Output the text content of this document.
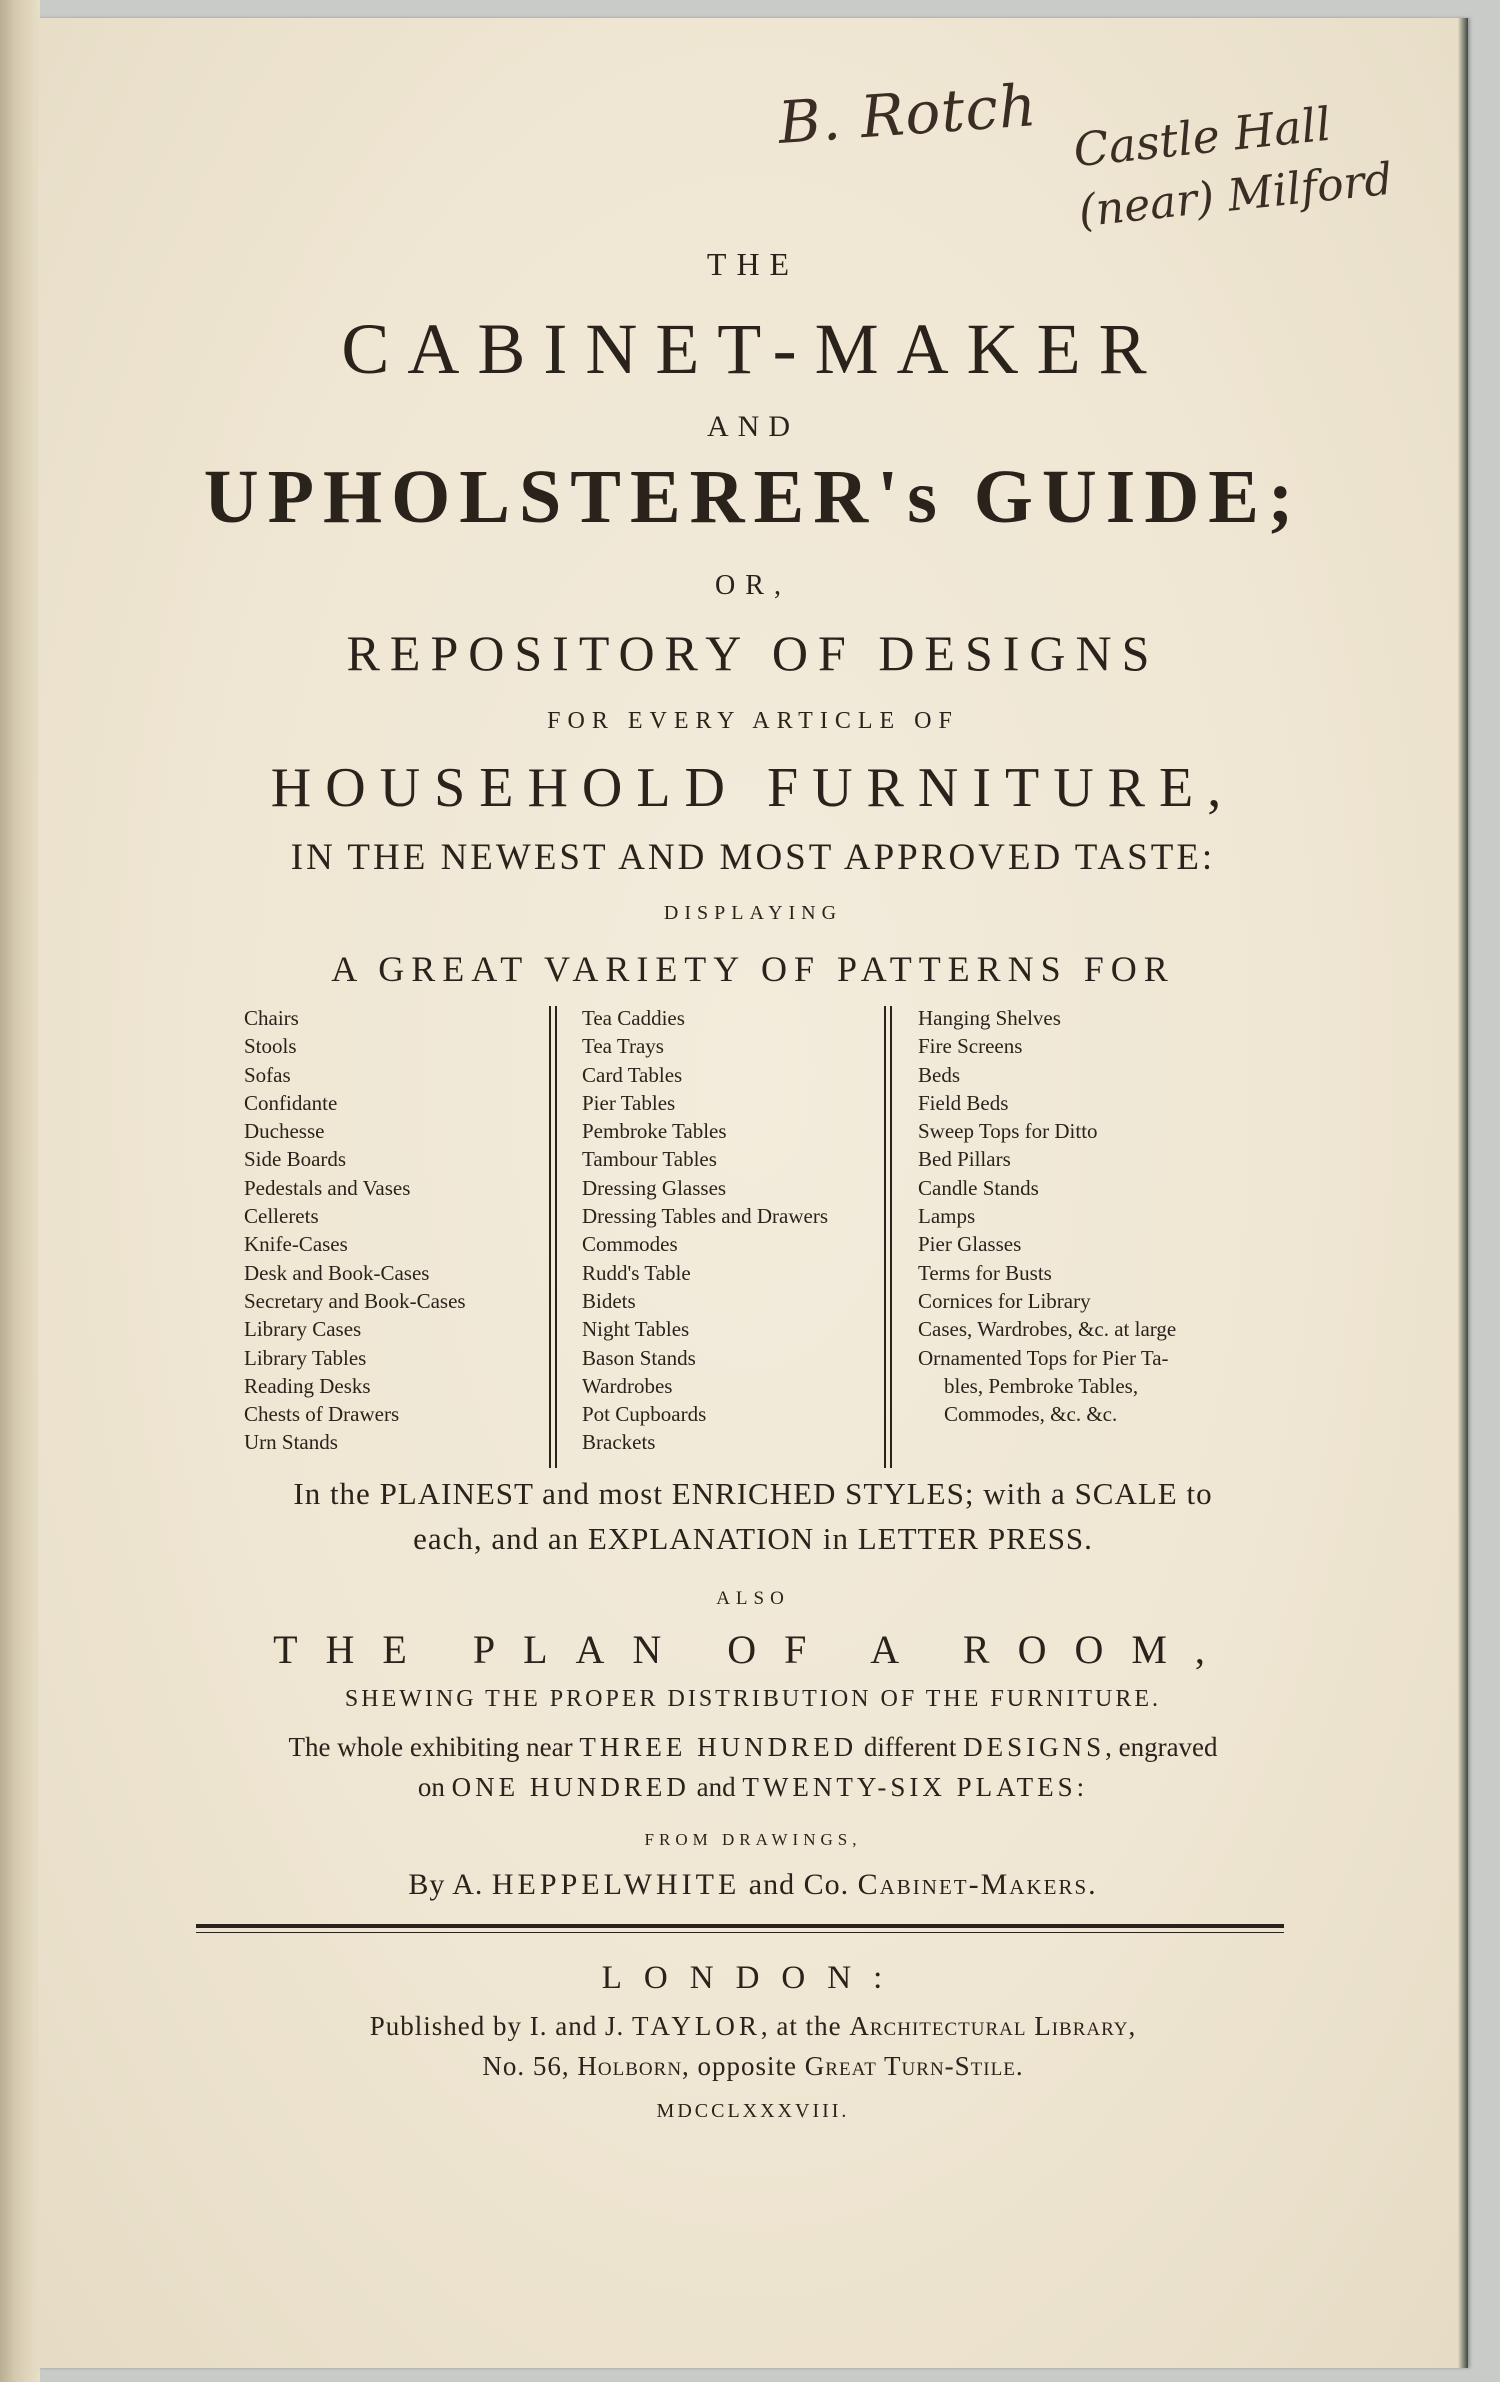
B. Rotch Castle Hall
(near) Milford
THE
CABINET-MAKER
AND
UPHOLSTERER's GUIDE;
OR,
REPOSITORY OF DESIGNS
FOR EVERY ARTICLE OF
HOUSEHOLD FURNITURE,
IN THE NEWEST AND MOST APPROVED TASTE:
DISPLAYING
A GREAT VARIETY OF PATTERNS FOR
Chairs
Stools
Sofas
Confidante
Duchesse
Side Boards
Pedestals and Vases
Cellerets
Knife-Cases
Desk and Book-Cases
Secretary and Book-Cases
Library Cases
Library Tables
Reading Desks
Chests of Drawers
Urn Stands
Tea Caddies
Tea Trays
Card Tables
Pier Tables
Pembroke Tables
Tambour Tables
Dressing Glasses
Dressing Tables and Drawers
Commodes
Rudd's Table
Bidets
Night Tables
Bason Stands
Wardrobes
Pot Cupboards
Brackets
Hanging Shelves
Fire Screens
Beds
Field Beds
Sweep Tops for Ditto
Bed Pillars
Candle Stands
Lamps
Pier Glasses
Terms for Busts
Cornices for Library
Cases, Wardrobes, &c. at large
Ornamented Tops for Pier Ta-
bles, Pembroke Tables,
Commodes, &c. &c.
In the PLAINEST and most ENRICHED STYLES; with a SCALE to
each, and an EXPLANATION in LETTER PRESS.
ALSO
THE PLAN OF A ROOM,
SHEWING THE PROPER DISTRIBUTION OF THE FURNITURE.
The whole exhibiting near THREE HUNDRED different DESIGNS, engraved
on ONE HUNDRED and TWENTY-SIX PLATES:
FROM DRAWINGS,
By A. HEPPELWHITE and Co. Cabinet-Makers.
LONDON:
Published by I. and J. TAYLOR, at the Architectural Library,
No. 56, Holborn, opposite Great Turn-Stile.
MDCCLXXXVIII.
